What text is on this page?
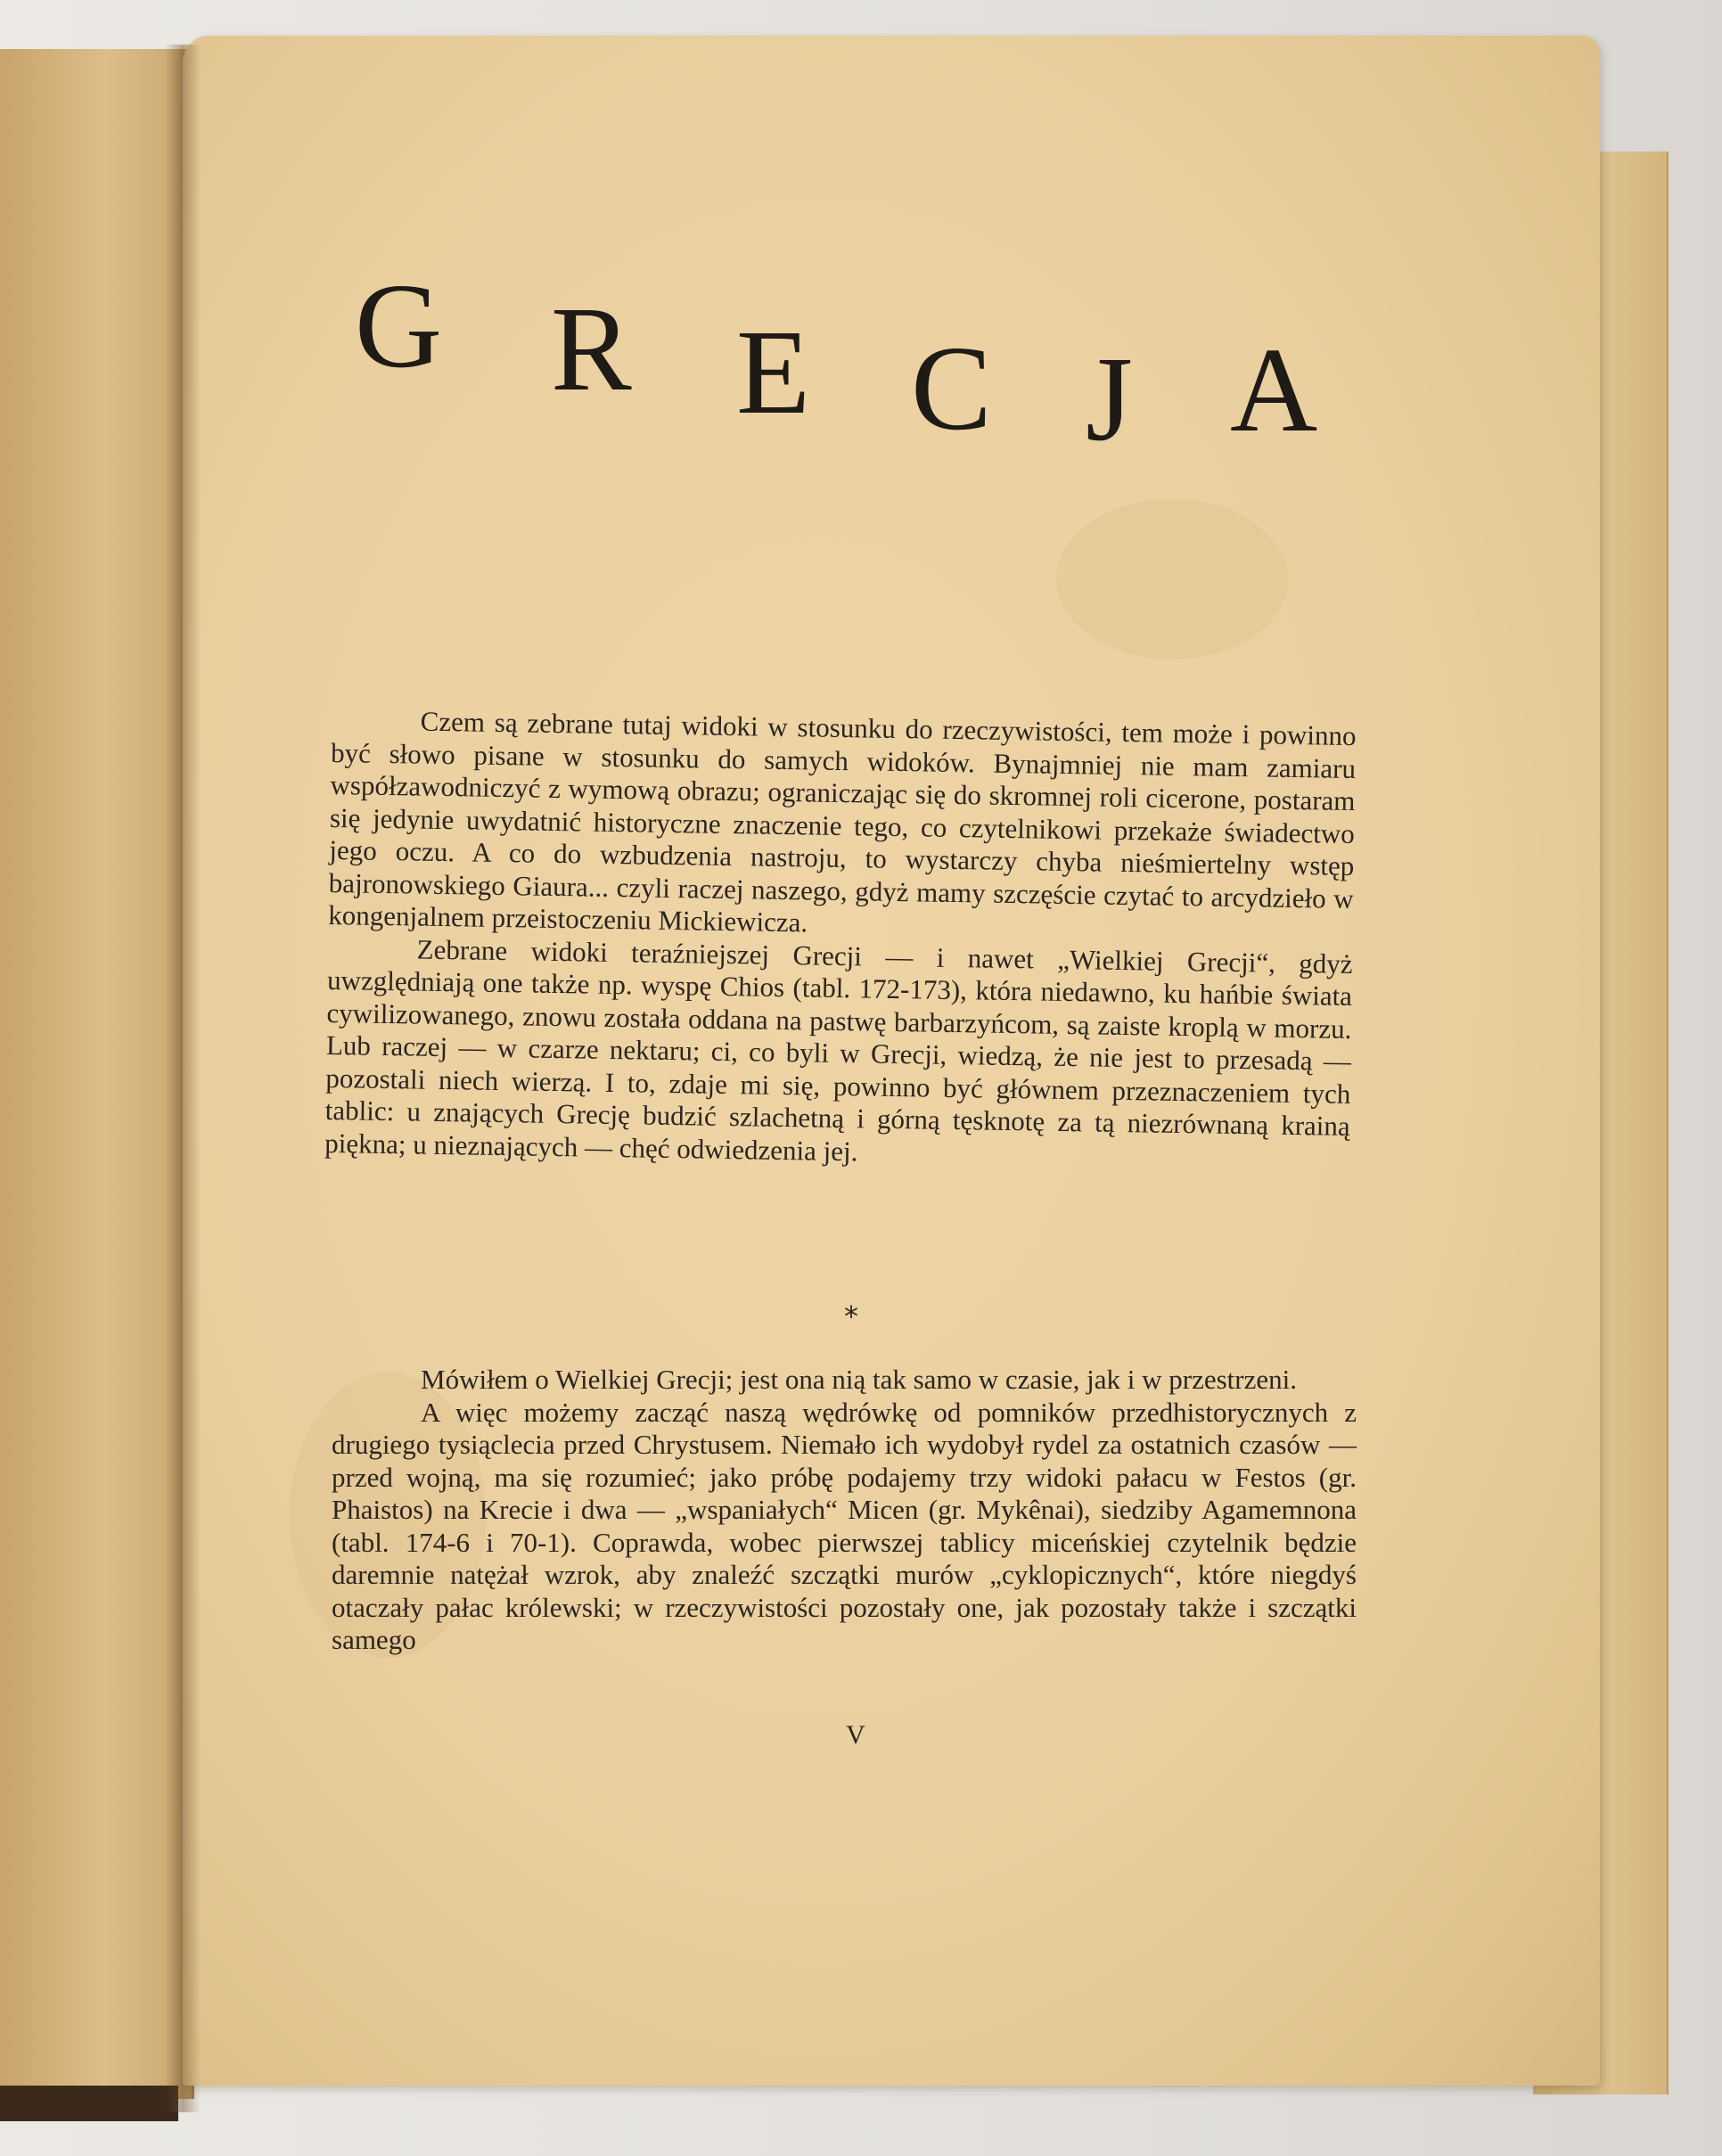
G R E C J A

Czem są zebrane tutaj widoki w stosunku do rzeczywistości, tem może i powinno być słowo pisane w stosunku do samych widoków. Bynajmniej nie mam zamiaru współzawodniczyć z wymową obrazu; ograniczając się do skromnej roli cicerone, postaram się jedynie uwydatnić historyczne znaczenie tego, co czytelnikowi przekaże świadectwo jego oczu. A co do wzbudzenia nastroju, to wystarczy chyba nieśmiertelny wstęp bajronowskiego Giaura... czyli raczej naszego, gdyż mamy szczęście czytać to arcydzieło w kongenjalnem przeistoczeniu Mickiewicza.

Zebrane widoki teraźniejszej Grecji — i nawet „Wielkiej Grecji“, gdyż uwzględniają one także np. wyspę Chios (tabl. 172-173), która niedawno, ku hańbie świata cywilizowanego, znowu została oddana na pastwę barbarzyńcom, są zaiste kroplą w morzu. Lub raczej — w czarze nektaru; ci, co byli w Grecji, wiedzą, że nie jest to przesadą — pozostali niech wierzą. I to, zdaje mi się, powinno być głównem przeznaczeniem tych tablic: u znających Grecję budzić szlachetną i górną tęsknotę za tą niezrównaną krainą piękna; u nieznających — chęć odwiedzenia jej.

*

Mówiłem o Wielkiej Grecji; jest ona nią tak samo w czasie, jak i w przestrzeni.

A więc możemy zacząć naszą wędrówkę od pomników przedhistorycznych z drugiego tysiąclecia przed Chrystusem. Niemało ich wydobył rydel za ostatnich czasów — przed wojną, ma się rozumieć; jako próbę podajemy trzy widoki pałacu w Festos (gr. Phaistos) na Krecie i dwa — „wspaniałych“ Micen (gr. Mykênai), siedziby Agamemnona (tabl. 174-6 i 70-1). Coprawda, wobec pierwszej tablicy miceńskiej czytelnik będzie daremnie natężał wzrok, aby znaleźć szczątki murów „cyklopicznych“, które niegdyś otaczały pałac królewski; w rzeczywistości pozostały one, jak pozostały także i szczątki samego

V
